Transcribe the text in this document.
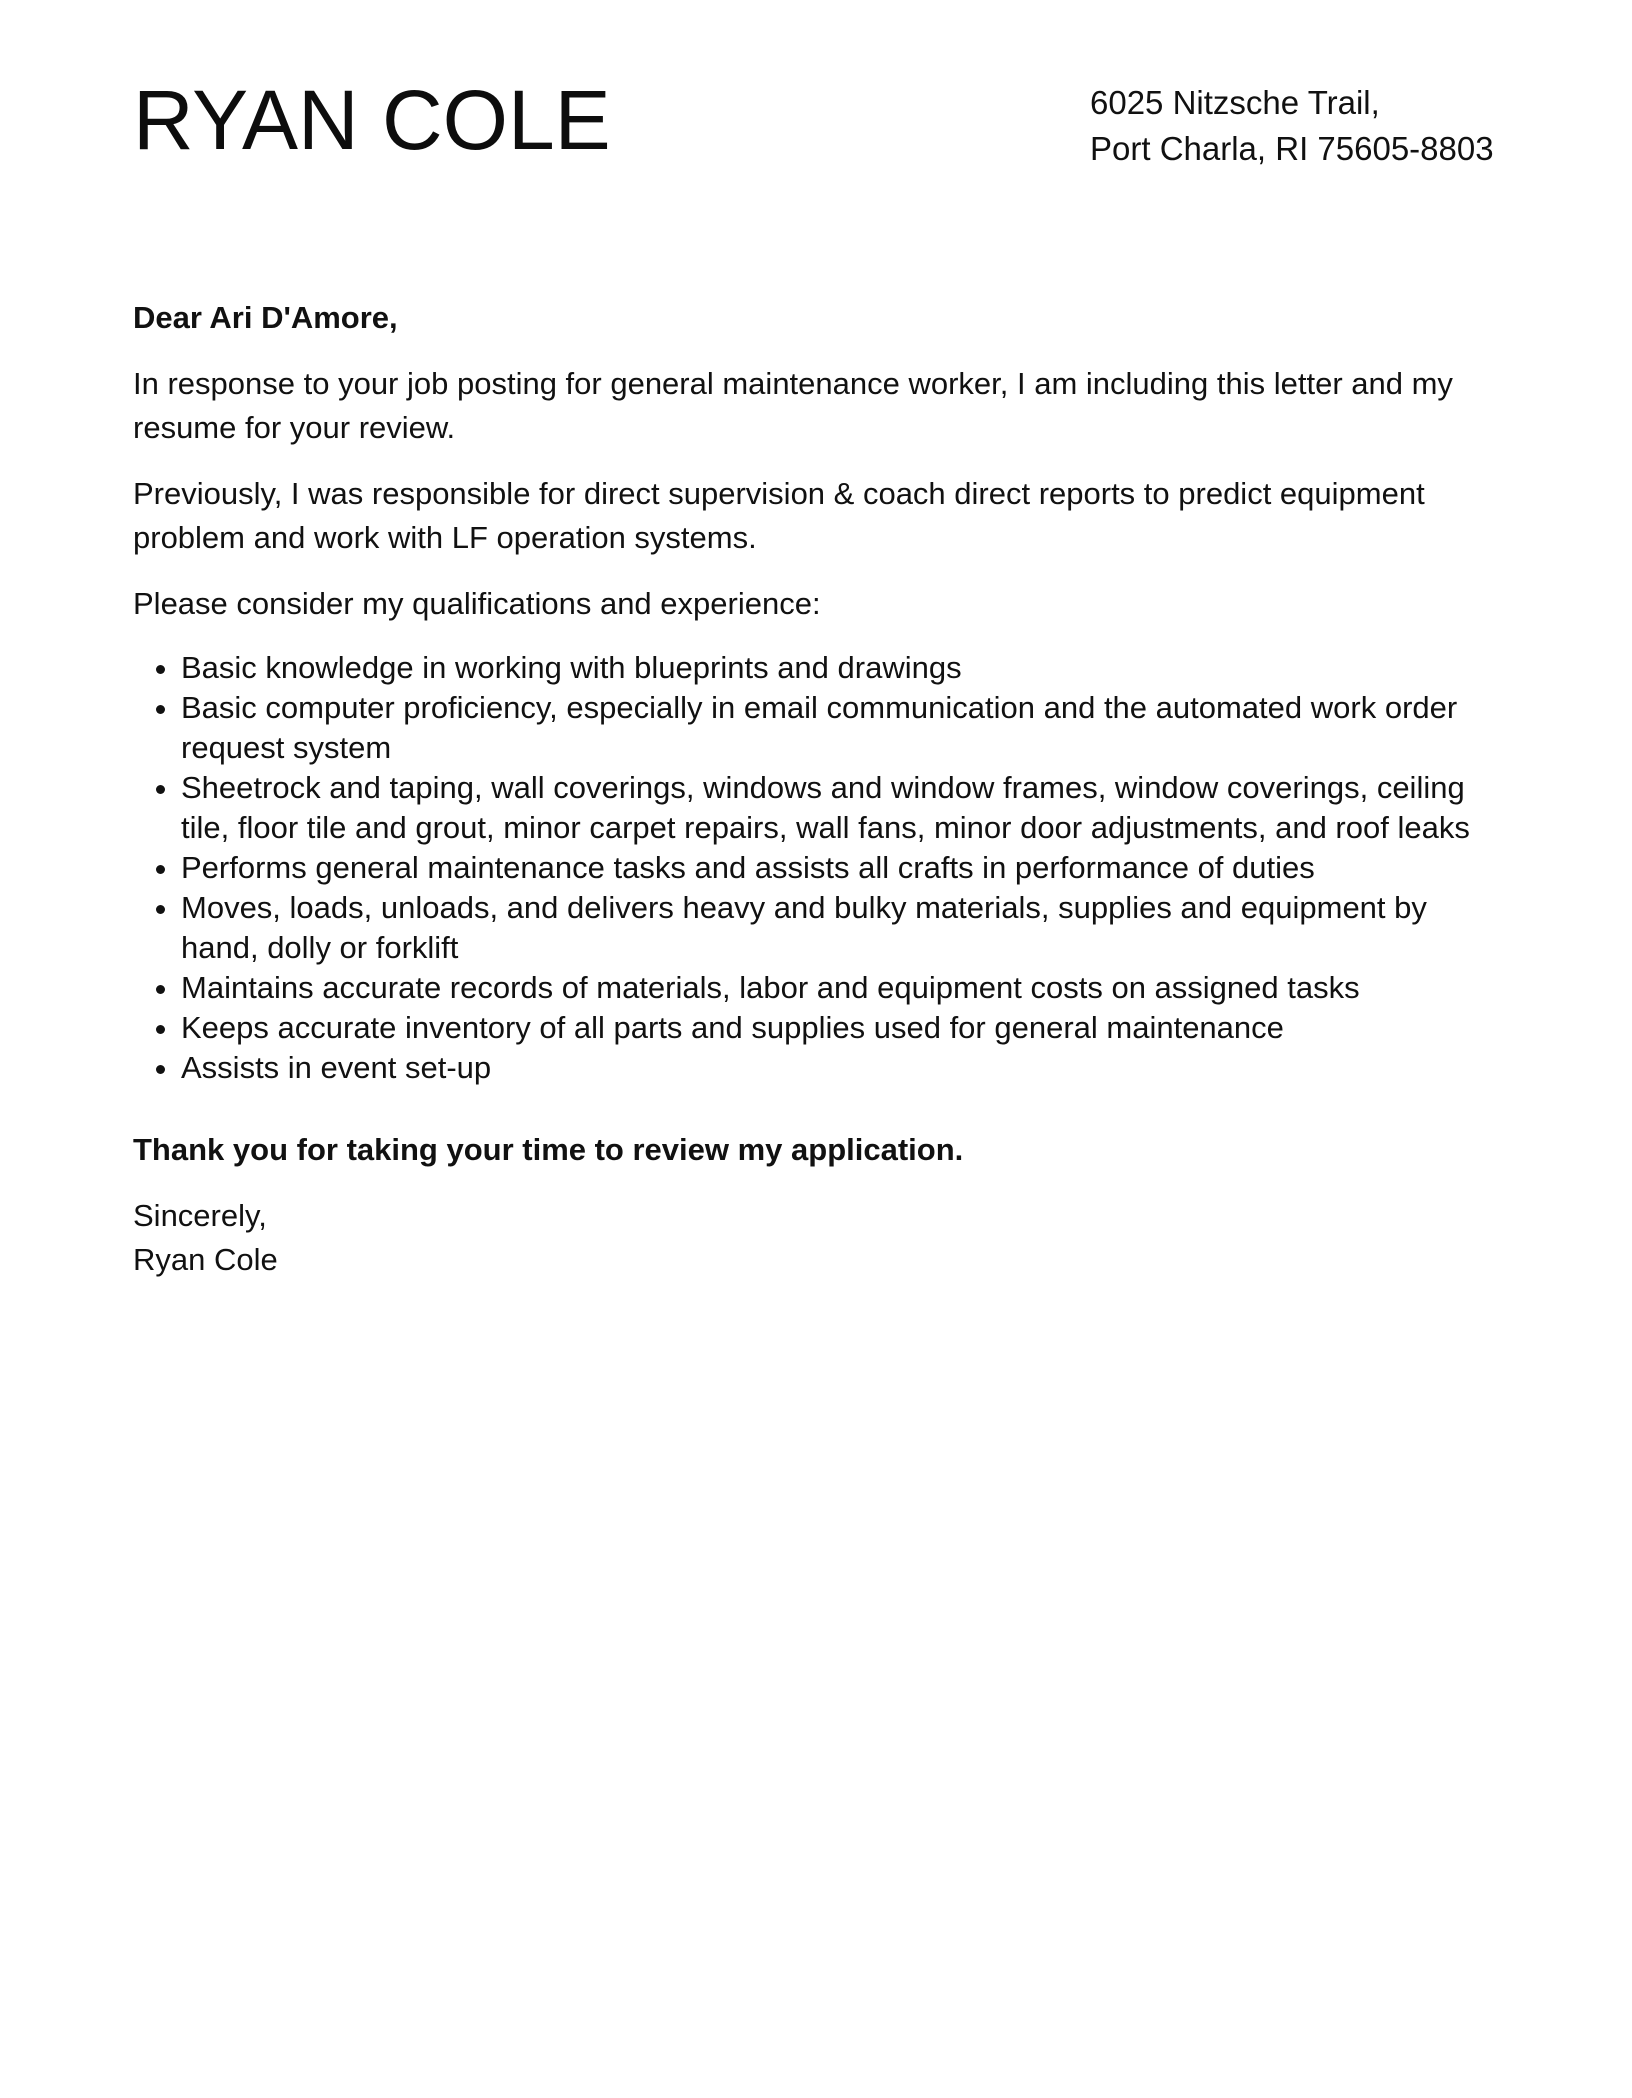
RYAN COLE	6025 Nitzsche Trail,
Port Charla, RI 75605-8803

Dear Ari D'Amore,

In response to your job posting for general maintenance worker, I am including this letter and my resume for your review.

Previously, I was responsible for direct supervision & coach direct reports to predict equipment problem and work with LF operation systems.

Please consider my qualifications and experience:

• Basic knowledge in working with blueprints and drawings
• Basic computer proficiency, especially in email communication and the automated work order request system
• Sheetrock and taping, wall coverings, windows and window frames, window coverings, ceiling tile, floor tile and grout, minor carpet repairs, wall fans, minor door adjustments, and roof leaks
• Performs general maintenance tasks and assists all crafts in performance of duties
• Moves, loads, unloads, and delivers heavy and bulky materials, supplies and equipment by hand, dolly or forklift
• Maintains accurate records of materials, labor and equipment costs on assigned tasks
• Keeps accurate inventory of all parts and supplies used for general maintenance
• Assists in event set-up

Thank you for taking your time to review my application.

Sincerely,
Ryan Cole
